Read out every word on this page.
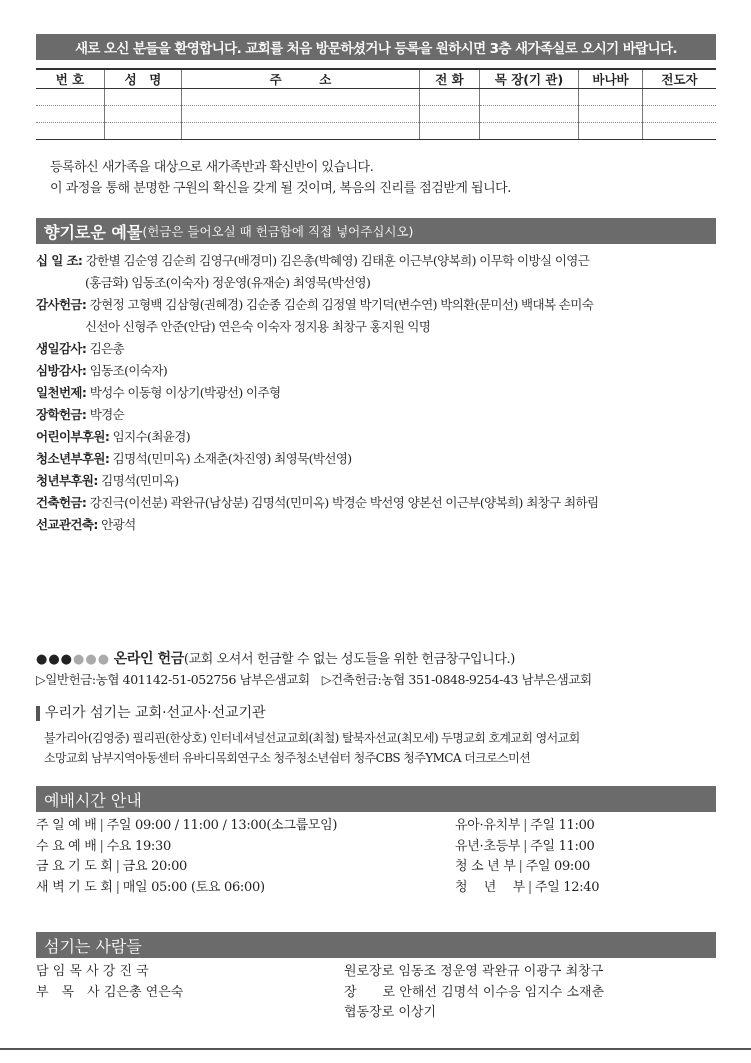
새로 오신 분들을 환영합니다. 교회를 처음 방문하셨거나 등록을 원하시면 3층 새가족실로 오시기 바랍니다.
번 호	성　명	주　　　소	전 화	목 장(기 관)	바나바	전도자

등록하신 새가족을 대상으로 새가족반과 확신반이 있습니다.
이 과정을 통해 분명한 구원의 확신을 갖게 될 것이며, 복음의 진리를 점검받게 됩니다.
향기로운 예물 (헌금은 들어오실 때 헌금함에 직접 넣어주십시오)
십 일 조: 강한별 김순영 김순희 김영구(배경미) 김은총(박혜영) 김태훈 이근부(양복희) 이무학 이방실 이영근
(홍금화) 임동조(이숙자) 정운영(유재순) 최영묵(박선영)
감사헌금: 강현정 고형백 김삼형(권혜경) 김순종 김순희 김정열 박기덕(변수연) 박의환(문미선) 백대복 손미숙
신선아 신형주 안준(안담) 연은숙 이숙자 정지용 최창구 홍지원 익명
생일감사: 김은총
심방감사: 임동조(이숙자)
일천번제: 박성수 이동형 이상기(박광선) 이주형
장학헌금: 박경순
어린이부후원: 임지수(최윤경)
청소년부후원: 김명석(민미옥) 소재춘(차진영) 최영묵(박선영)
청년부후원: 김명석(민미옥)
건축헌금: 강진극(이선분) 곽완규(남상분) 김명석(민미옥) 박경순 박선영 양본선 이근부(양복희) 최창구 최하림
선교관건축: 안광석
●●●●●● 온라인 헌금(교회 오셔서 헌금할 수 없는 성도들을 위한 헌금창구입니다.)
▷일반헌금:농협 401142-51-052756 남부은샘교회　▷건축헌금:농협 351-0848-9254-43 남부은샘교회
우리가 섬기는 교회·선교사·선교기관
불가리아(김영중) 필리핀(한상호) 인터네셔널선교교회(최철) 탈북자선교(최모세) 두명교회 호계교회 영서교회
소망교회 남부지역아동센터 유바디목회연구소 청주청소년쉼터 청주CBS 청주YMCA 더크로스미션
예배시간 안내
주 일 예 배 | 주일 09:00 / 11:00 / 13:00(소그룹모임)
수 요 예 배 | 수요 19:30
금 요 기 도 회 | 금요 20:00
새 벽 기 도 회 | 매일 05:00 (토요 06:00)
유아·유치부 | 주일 11:00
유년·초등부 | 주일 11:00
청 소 년 부 | 주일 09:00
청　 년　 부 | 주일 12:40
섬기는 사람들
담 임 목 사 강 진 국
부　목　사 김은총 연은숙
원로장로 임동조 정운영 곽완규 이광구 최창구
장　　로 안해선 김명석 이수응 임지수 소재춘
협동장로 이상기
